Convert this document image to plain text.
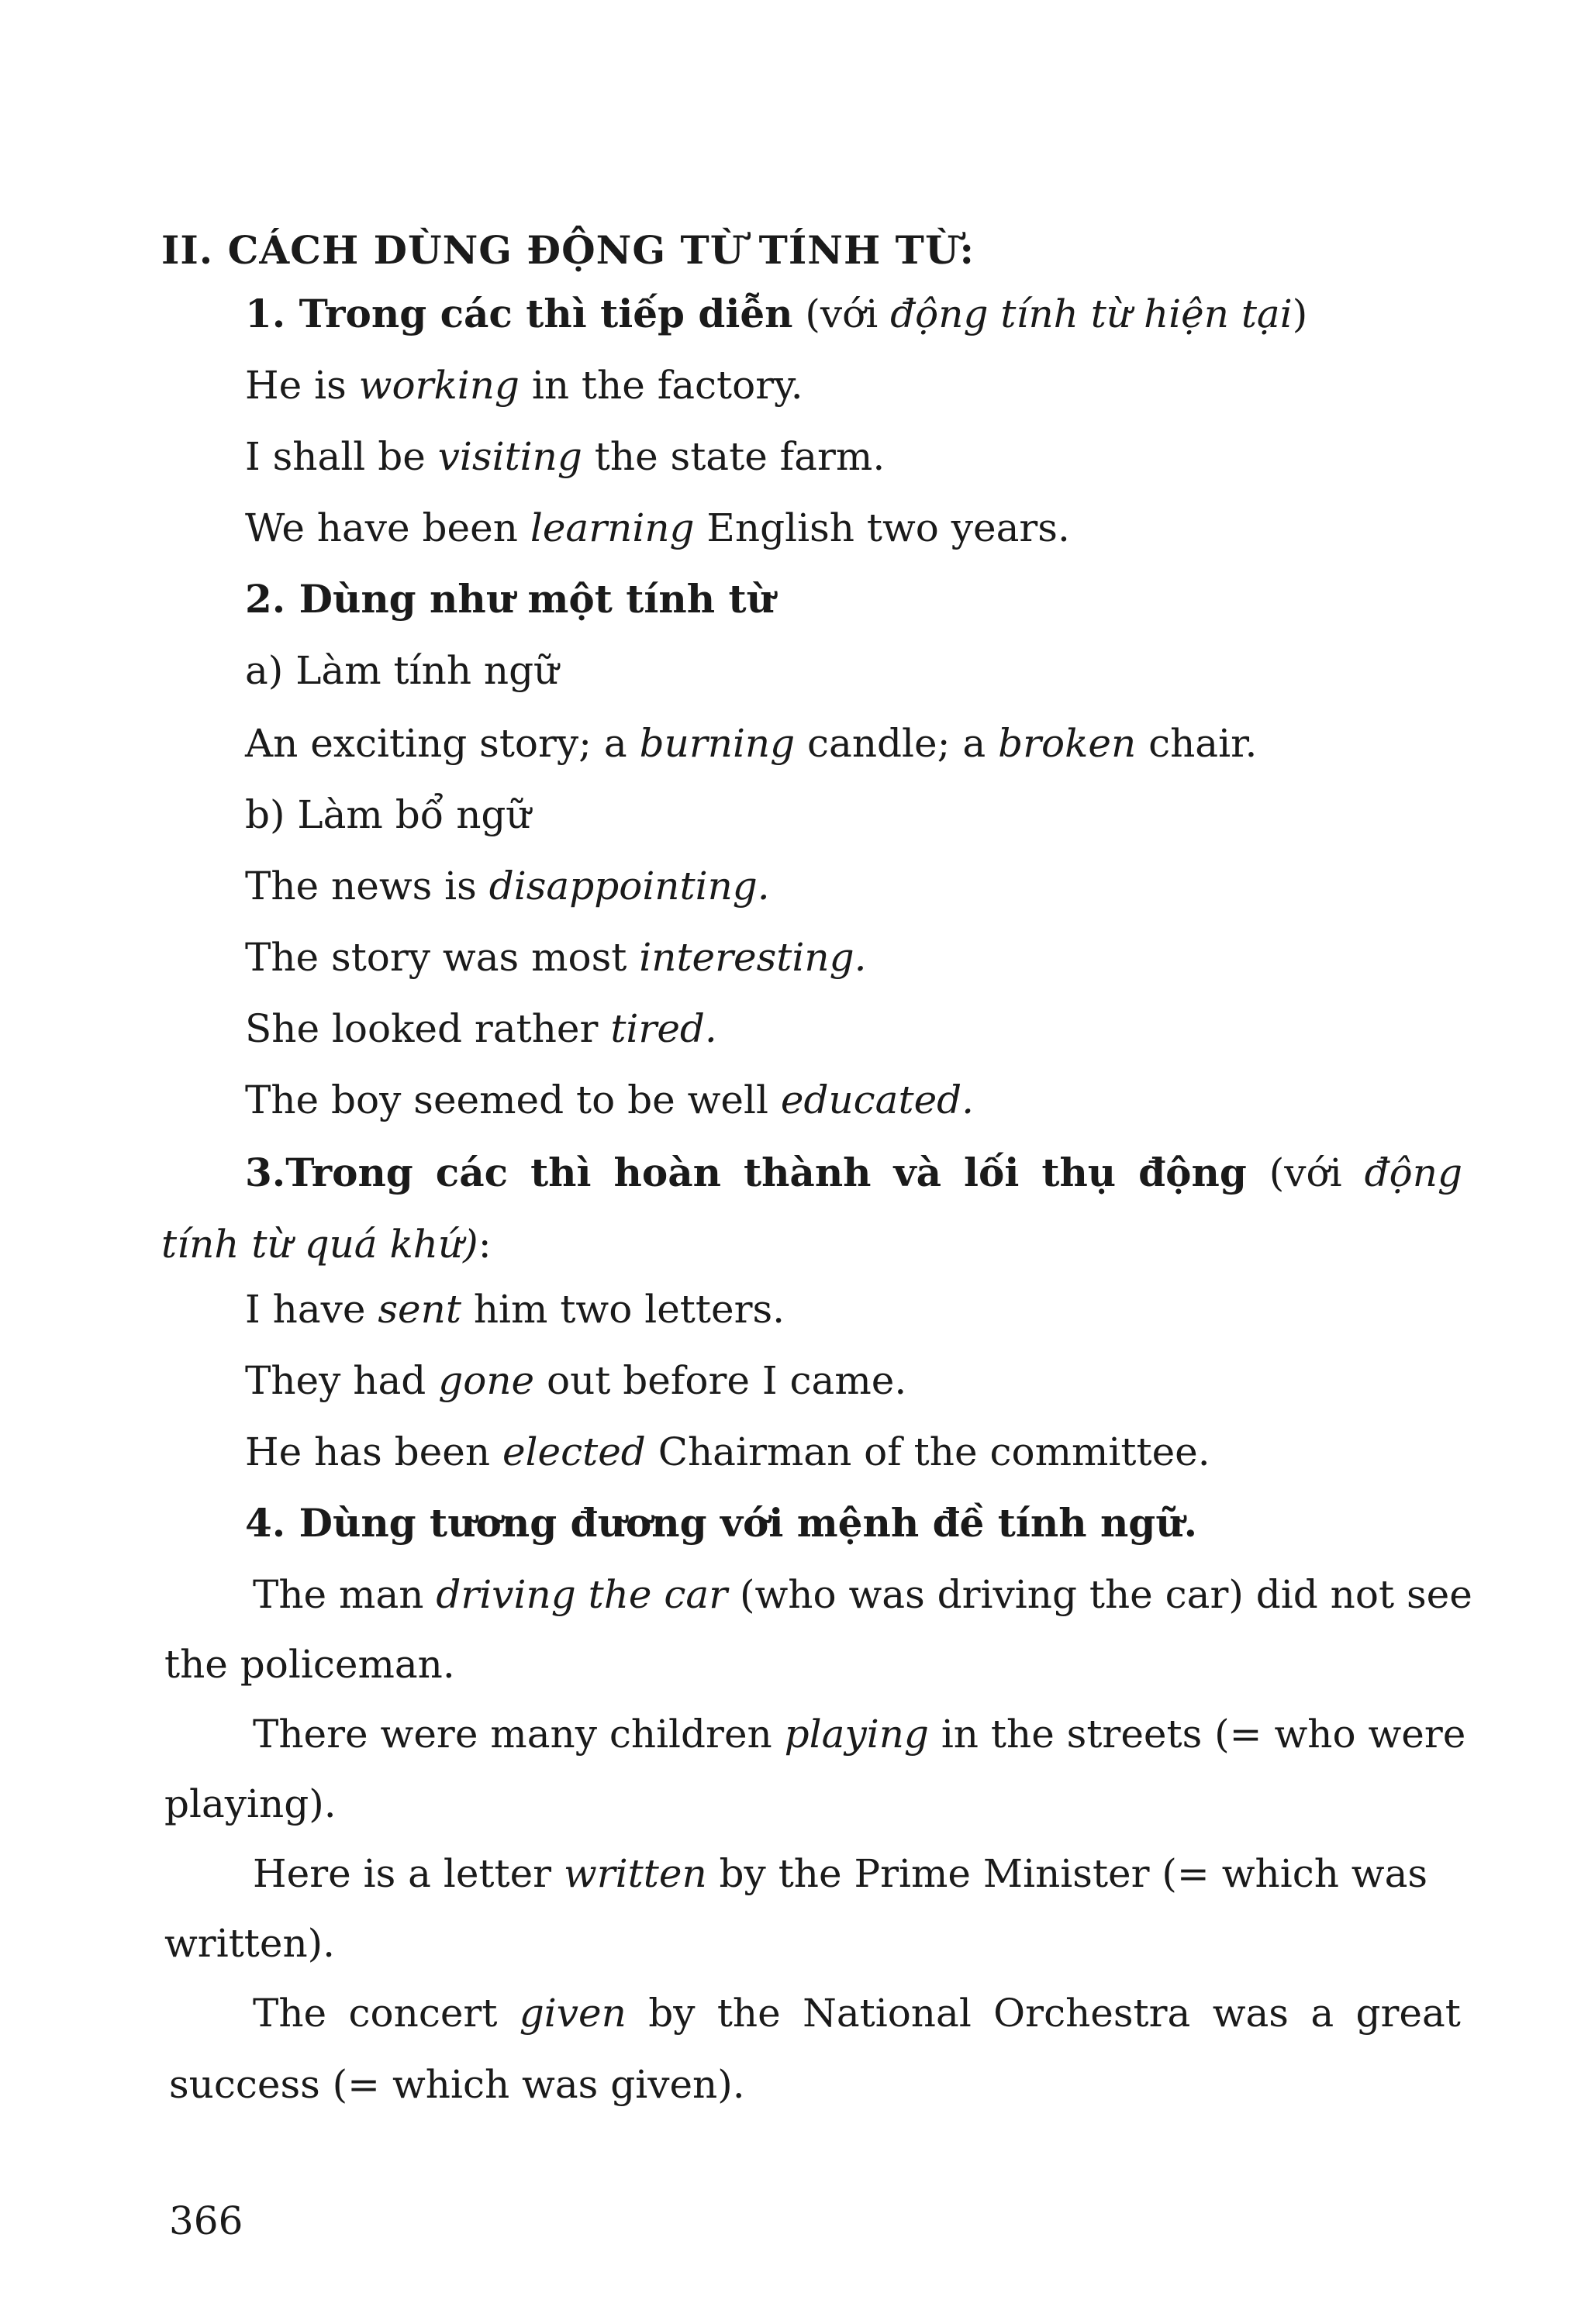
II. CÁCH DÙNG ĐỘNG TỪ TÍNH TỪ:
1. Trong các thì tiếp diễn (với động tính từ hiện tại)
He is working in the factory.
I shall be visiting the state farm.
We have been learning English two years.
2. Dùng như một tính từ
a) Làm tính ngữ
An exciting story; a burning candle; a broken chair.
b) Làm bổ ngữ
The news is disappointing.
The story was most interesting.
She looked rather tired.
The boy seemed to be well educated.
3.Trong các thì hoàn thành và lối thụ động (với động
tính từ quá khứ):
I have sent him two letters.
They had gone out before I came.
He has been elected Chairman of the committee.
4. Dùng tương đương với mệnh đề tính ngữ.
The man driving the car (who was driving the car) did not see
the policeman.
There were many children playing in the streets (= who were
playing).
Here is a letter written by the Prime Minister (= which was
written).
The concert given by the National Orchestra was a great
success (= which was given).
366
